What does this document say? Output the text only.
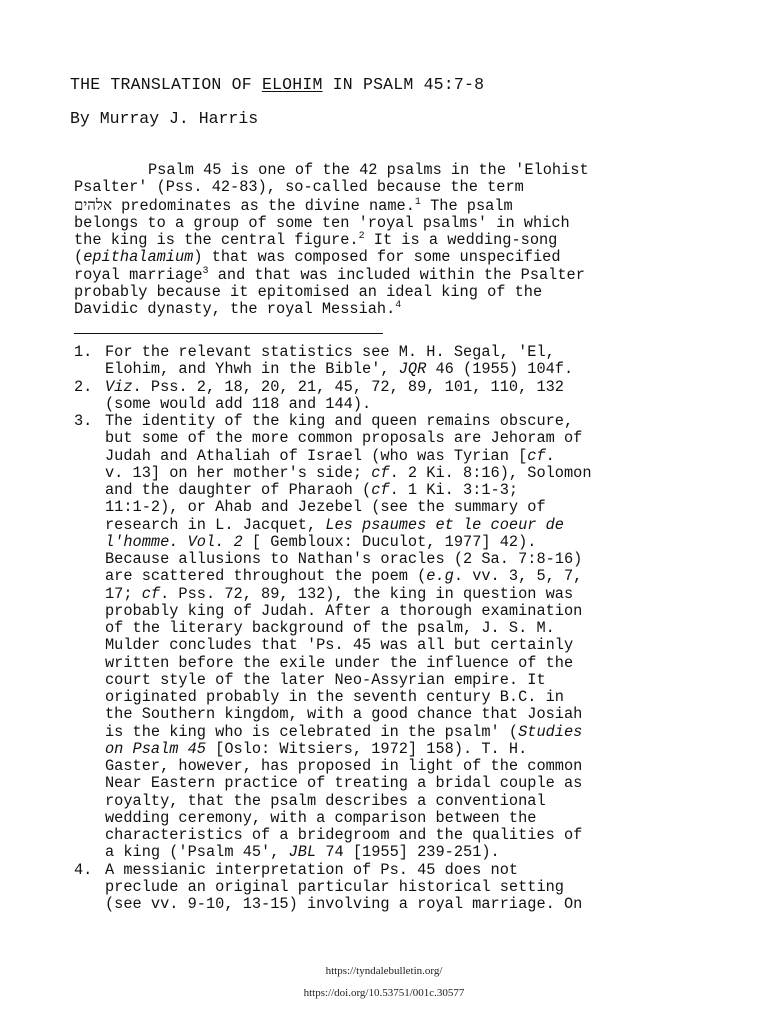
THE TRANSLATION OF ELOHIM IN PSALM 45:7-8
By Murray J. Harris
Psalm 45 is one of the 42 psalms in the 'Elohist
Psalter' (Pss. 42-83), so-called because the term
אלהים predominates as the divine name.$^1$ The psalm
belongs to a group of some ten 'royal psalms' in which
the king is the central figure.$^2$ It is a wedding-song
(epithalamium) that was composed for some unspecified
royal marriage$^3$ and that was included within the Psalter
probably because it epitomised an ideal king of the
Davidic dynasty, the royal Messiah.$^4$
1. For the relevant statistics see M. H. Segal, 'El,
Elohim, and Yhwh in the Bible', JQR 46 (1955) 104f.
2. Viz. Pss. 2, 18, 20, 21, 45, 72, 89, 101, 110, 132
(some would add 118 and 144).
3. The identity of the king and queen remains obscure,
but some of the more common proposals are Jehoram of
Judah and Athaliah of Israel (who was Tyrian [cf.
v. 13] on her mother's side; cf. 2 Ki. 8:16), Solomon
and the daughter of Pharaoh (cf. 1 Ki. 3:1-3;
11:1-2), or Ahab and Jezebel (see the summary of
research in L. Jacquet, Les psaumes et le coeur de
l'homme. Vol. 2 [ Gembloux: Duculot, 1977] 42).
Because allusions to Nathan's oracles (2 Sa. 7:8-16)
are scattered throughout the poem (e.g. vv. 3, 5, 7,
17; cf. Pss. 72, 89, 132), the king in question was
probably king of Judah. After a thorough examination
of the literary background of the psalm, J. S. M.
Mulder concludes that 'Ps. 45 was all but certainly
written before the exile under the influence of the
court style of the later Neo-Assyrian empire. It
originated probably in the seventh century B.C. in
the Southern kingdom, with a good chance that Josiah
is the king who is celebrated in the psalm' (Studies
on Psalm 45 [Oslo: Witsiers, 1972] 158). T. H.
Gaster, however, has proposed in light of the common
Near Eastern practice of treating a bridal couple as
royalty, that the psalm describes a conventional
wedding ceremony, with a comparison between the
characteristics of a bridegroom and the qualities of
a king ('Psalm 45', JBL 74 [1955] 239-251).
4. A messianic interpretation of Ps. 45 does not
preclude an original particular historical setting
(see vv. 9-10, 13-15) involving a royal marriage. On
https://tyndalebulletin.org/
https://doi.org/10.53751/001c.30577
